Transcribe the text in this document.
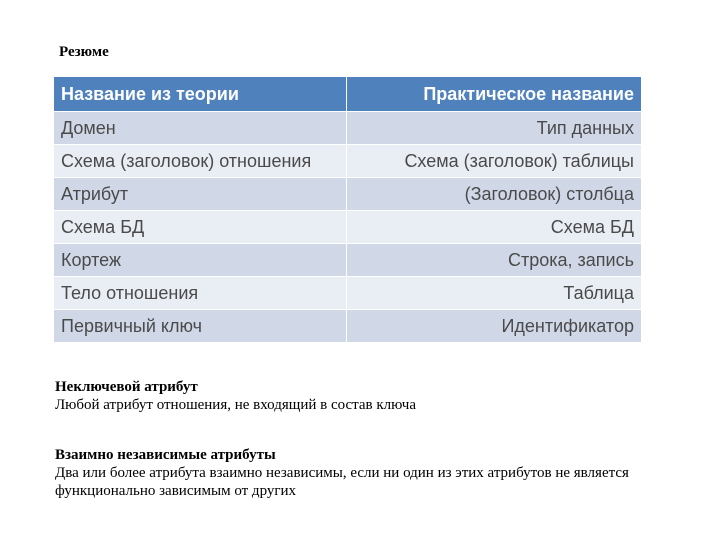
Резюме
Название из теории	Практическое название
Домен	Тип данных
Схема (заголовок) отношения	Схема (заголовок) таблицы
Атрибут	(Заголовок) столбца
Схема БД	Схема БД
Кортеж	Строка, запись
Тело отношения	Таблица
Первичный ключ	Идентификатор
Неключевой атрибут
Любой атрибут отношения, не входящий в состав ключа
Взаимно независимые атрибуты
Два или более атрибута взаимно независимы, если ни один из этих атрибутов не является функционально зависимым от других
